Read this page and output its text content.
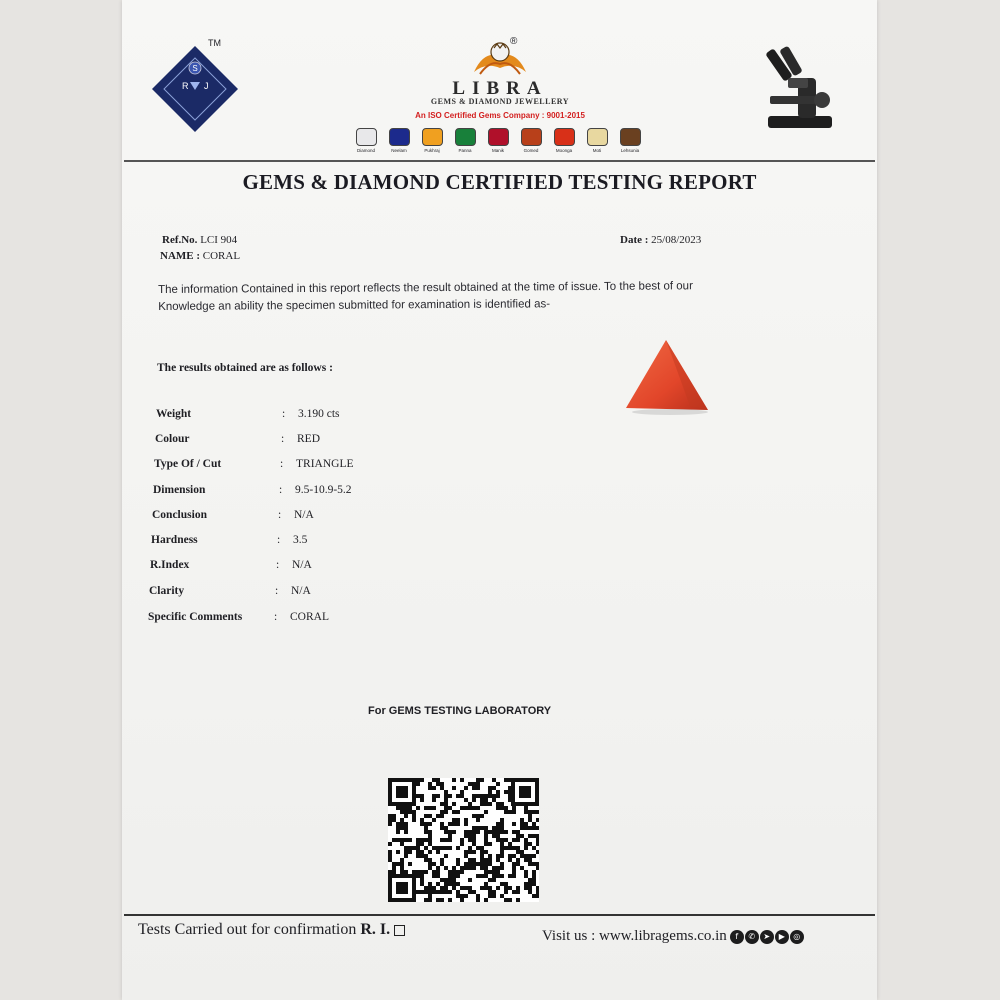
TM
S
R J
®
LIBRA
GEMS & DIAMOND JEWELLERY
An ISO Certified Gems Company : 9001-2015
Diamond	Neelam	Pukhraj	Panna	Manik	Gomed	Moonga	Moti	Lehsunia
GEMS & DIAMOND CERTIFIED TESTING REPORT
Ref.No. LCI 904
NAME : CORAL
Date : 25/08/2023
The information Contained in this report reflects the result obtained at the time of issue. To the best of our
Knowledge an ability the specimen submitted for examination is identified as-
The results obtained are as follows :
Weight	: 3.190 cts
Colour	: RED
Type Of / Cut	: TRIANGLE
Dimension	: 9.5-10.9-5.2
Conclusion	: N/A
Hardness	: 3.5
R.Index	: N/A
Clarity	: N/A
Specific Comments	: CORAL
For GEMS TESTING LABORATORY
Tests Carried out for confirmation R. I.	Visit us : www.libragems.co.in	f	✆	➤	▶	◎
